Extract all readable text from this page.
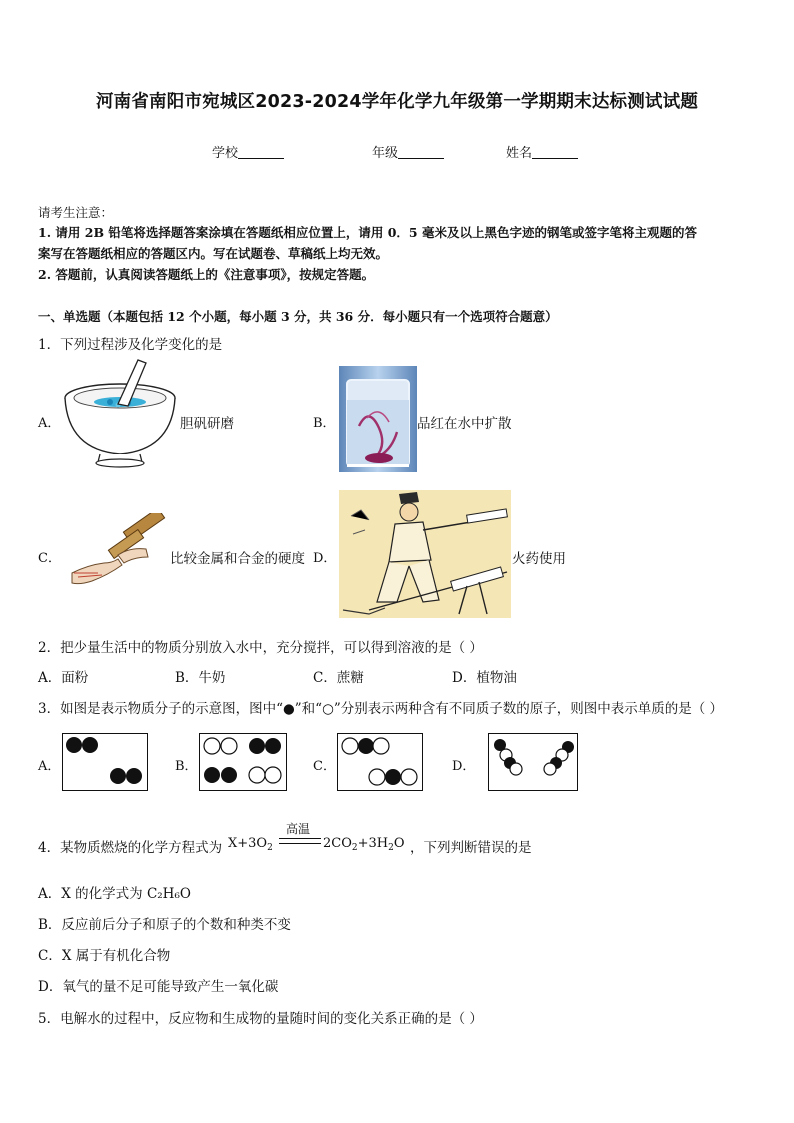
河南省南阳市宛城区2023-2024学年化学九年级第一学期期末达标测试试题
学校	年级	姓名
请考生注意：
1. 请用 2B 铅笔将选择题答案涂填在答题纸相应位置上，请用 0．5 毫米及以上黑色字迹的钢笔或签字笔将主观题的答
案写在答题纸相应的答题区内。写在试题卷、草稿纸上均无效。
2. 答题前，认真阅读答题纸上的《注意事项》，按规定答题。
一、单选题（本题包括 12 个小题，每小题 3 分，共 36 分．每小题只有一个选项符合题意）
1．下列过程涉及化学变化的是
A．	胆矾研磨	B．	品红在水中扩散
C．	比较金属和合金的硬度 D．	火药使用
2．把少量生活中的物质分别放入水中，充分搅拌，可以得到溶液的是（ ）
A．面粉	B．牛奶	C．蔗糖	D．植物油
3．如图是表示物质分子的示意图，图中“●”和“○”分别表示两种含有不同质子数的原子，则图中表示单质的是（ ）
A．	B．	C．	D．
4．某物质燃烧的化学方程式为 $X+3O_2$
高温
$2CO_2+3H_2O$ ，下列判断错误的是
A．X 的化学式为 C₂H₆O
B．反应前后分子和原子的个数和种类不变
C．X 属于有机化合物
D．氧气的量不足可能导致产生一氧化碳
5．电解水的过程中，反应物和生成物的量随时间的变化关系正确的是（ ）
